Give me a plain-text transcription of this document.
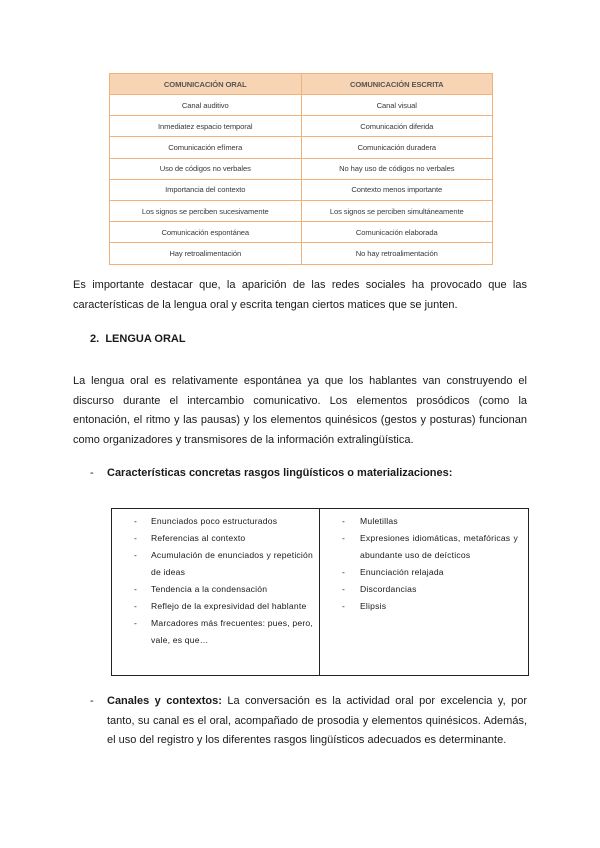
COMUNICACIÓN ORAL	COMUNICACIÓN ESCRITA
Canal auditivo	Canal visual
Inmediatez espacio temporal	Comunicación diferida
Comunicación efímera	Comunicación duradera
Uso de códigos no verbales	No hay uso de códigos no verbales
Importancia del contexto	Contexto menos importante
Los signos se perciben sucesivamente	Los signos se perciben simultáneamente
Comunicación espontánea	Comunicación elaborada
Hay retroalimentación	No hay retroalimentación

Es importante destacar que, la aparición de las redes sociales ha provocado que las características de la lengua oral y escrita tengan ciertos matices que se junten.

2. LENGUA ORAL

La lengua oral es relativamente espontánea ya que los hablantes van construyendo el discurso durante el intercambio comunicativo. Los elementos prosódicos (como la entonación, el ritmo y las pausas) y los elementos quinésicos (gestos y posturas) funcionan como organizadores y transmisores de la información extralingüística.

- Características concretas rasgos lingüísticos o materializaciones:
- Enunciados poco estructurados
- Referencias al contexto
- Acumulación de enunciados y repetición de ideas
- Tendencia a la condensación
- Reflejo de la expresividad del hablante
- Marcadores más frecuentes: pues, pero, vale, es que…
- Muletillas
- Expresiones idiomáticas, metafóricas y abundante uso de deícticos
- Enunciación relajada
- Discordancias
- Elipsis
- Canales y contextos: La conversación es la actividad oral por excelencia y, por tanto, su canal es el oral, acompañado de prosodia y elementos quinésicos. Además, el uso del registro y los diferentes rasgos lingüísticos adecuados es determinante.
